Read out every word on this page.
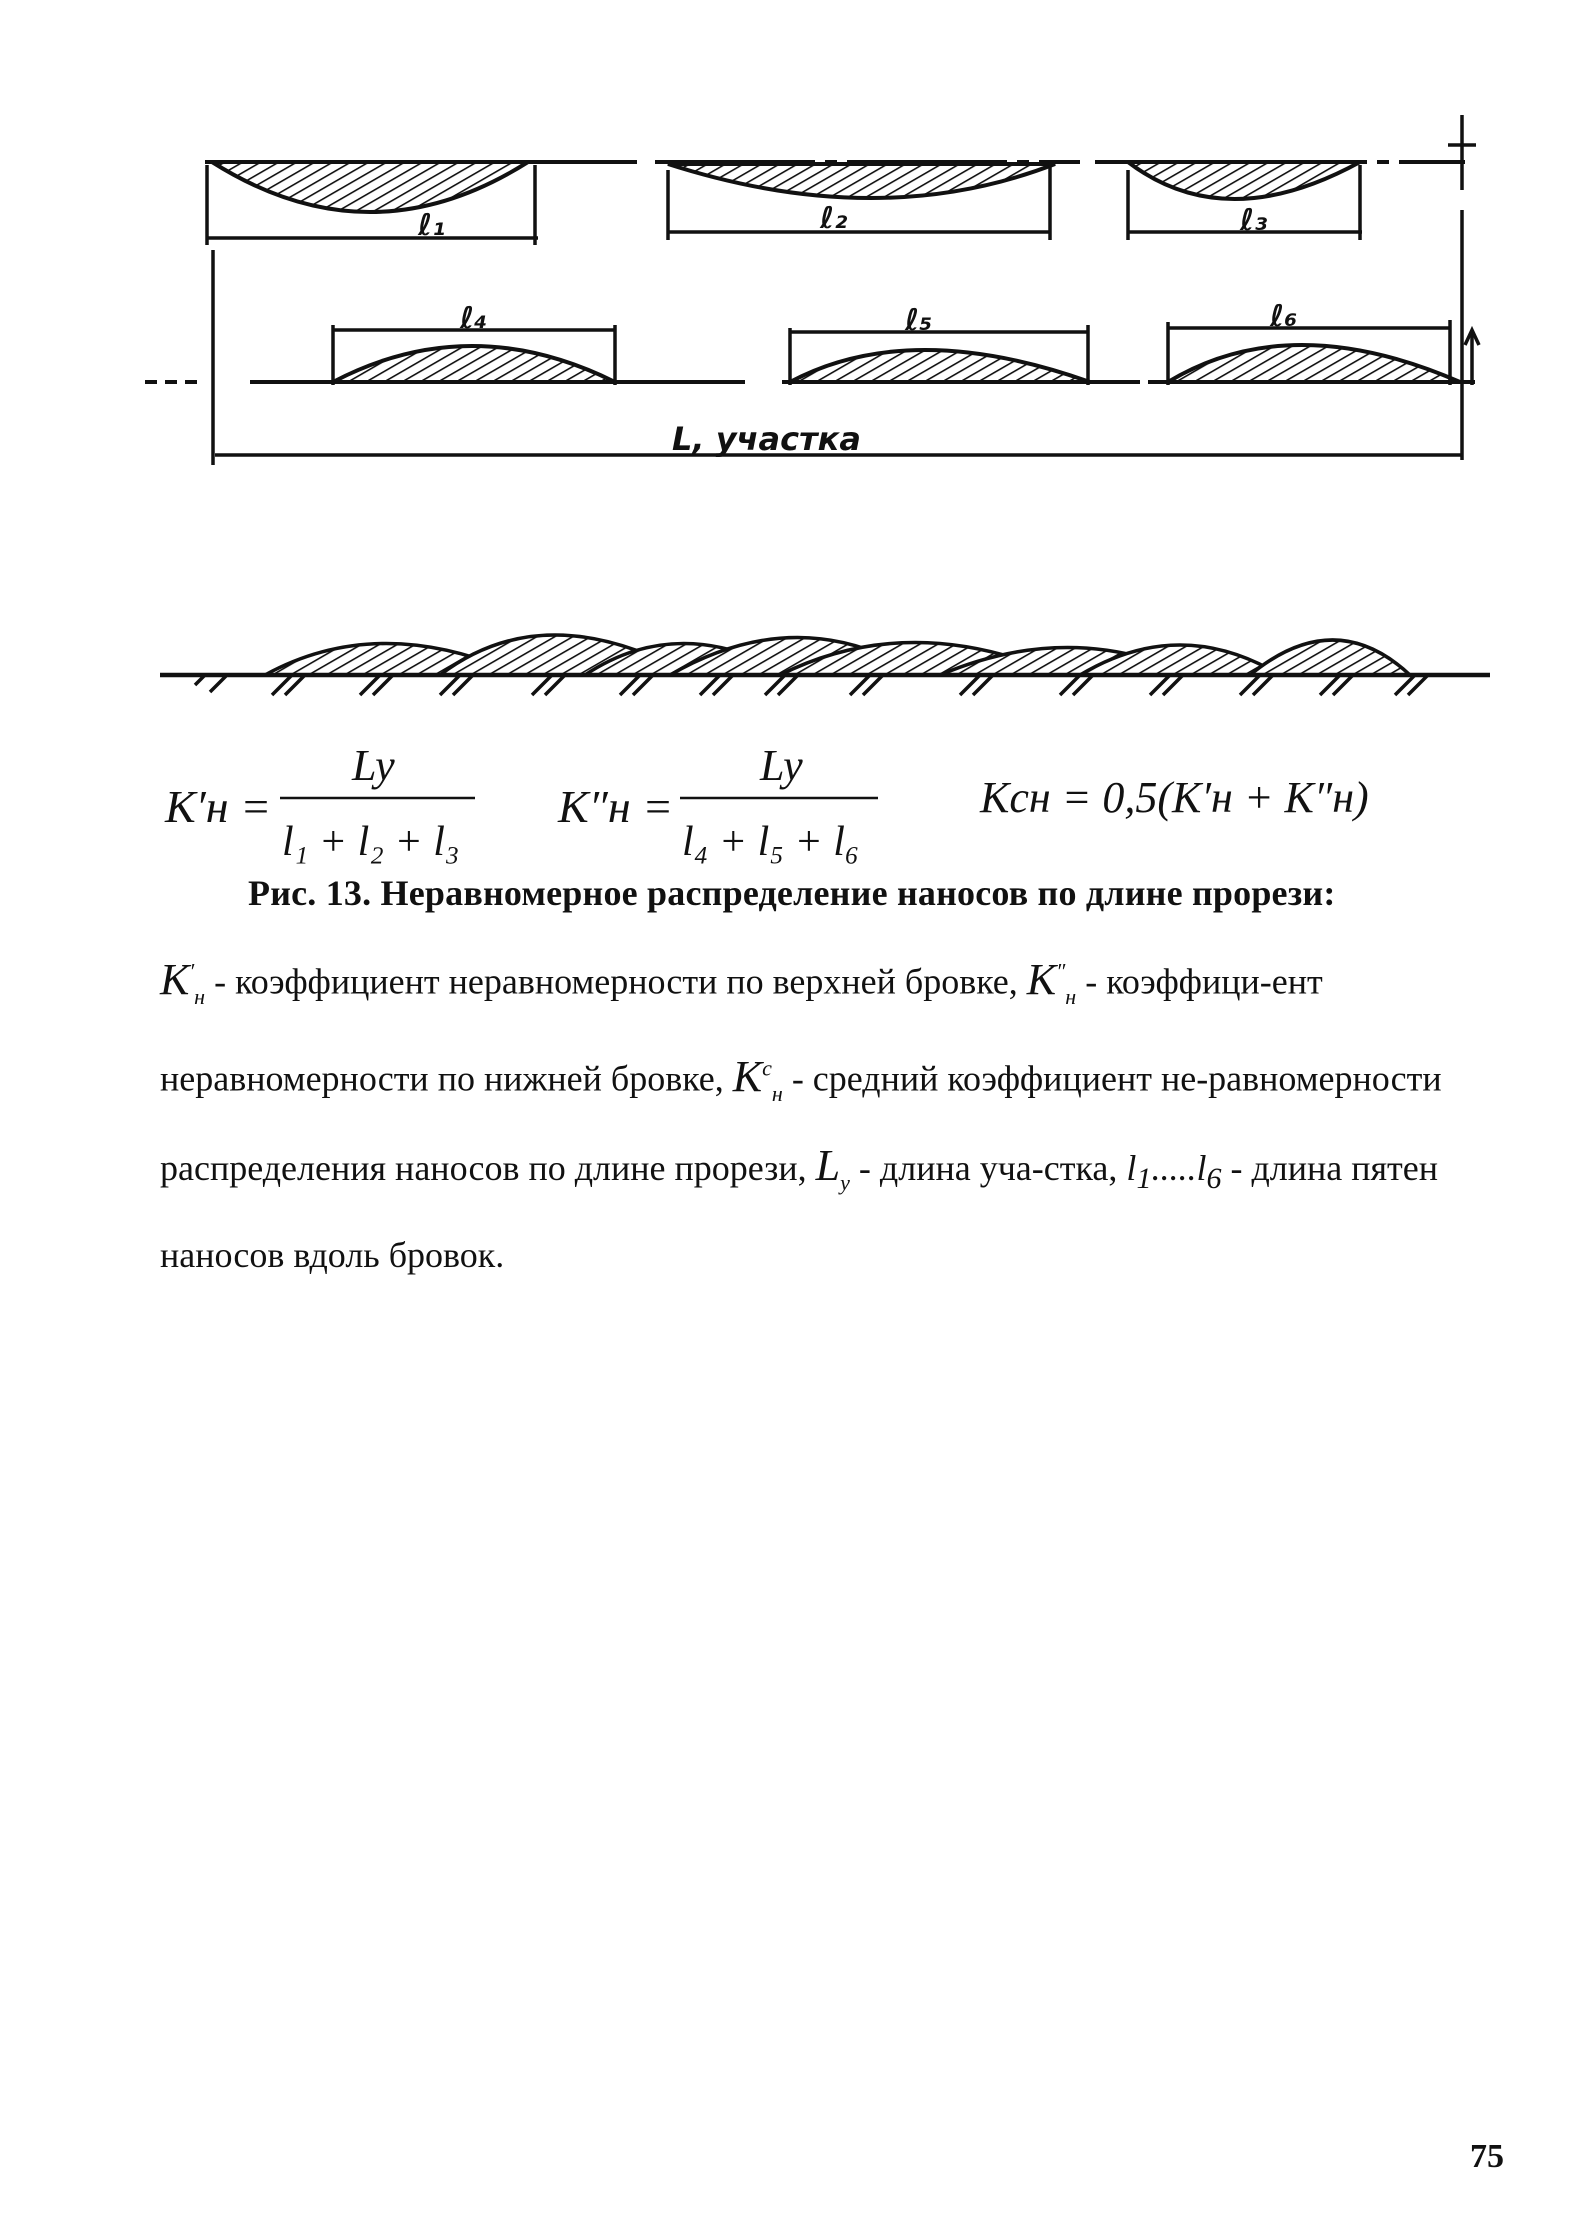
ℓ₁	ℓ₂	ℓ₃
ℓ₄	ℓ₅	ℓ₆
L, участка
K′н =
Ly
l₁ + l₂ + l₃
K″н =
Ly
l₄ + l₅ + l₆
Kсн = 0,5(K′н + K″н)
Рис. 13. Неравномерное распределение наносов по длине прорези:
$K'_н$ - коэффициент неравномерности по верхней бровке, $K''_н$ - коэффици-ент неравномерности по нижней бровке, $K^с_н$ - средний коэффициент не-равномерности распределения наносов по длине прорези, $L_y$ - длина уча-стка, $l_1.....l_6$ - длина пятен наносов вдоль бровок.
75
